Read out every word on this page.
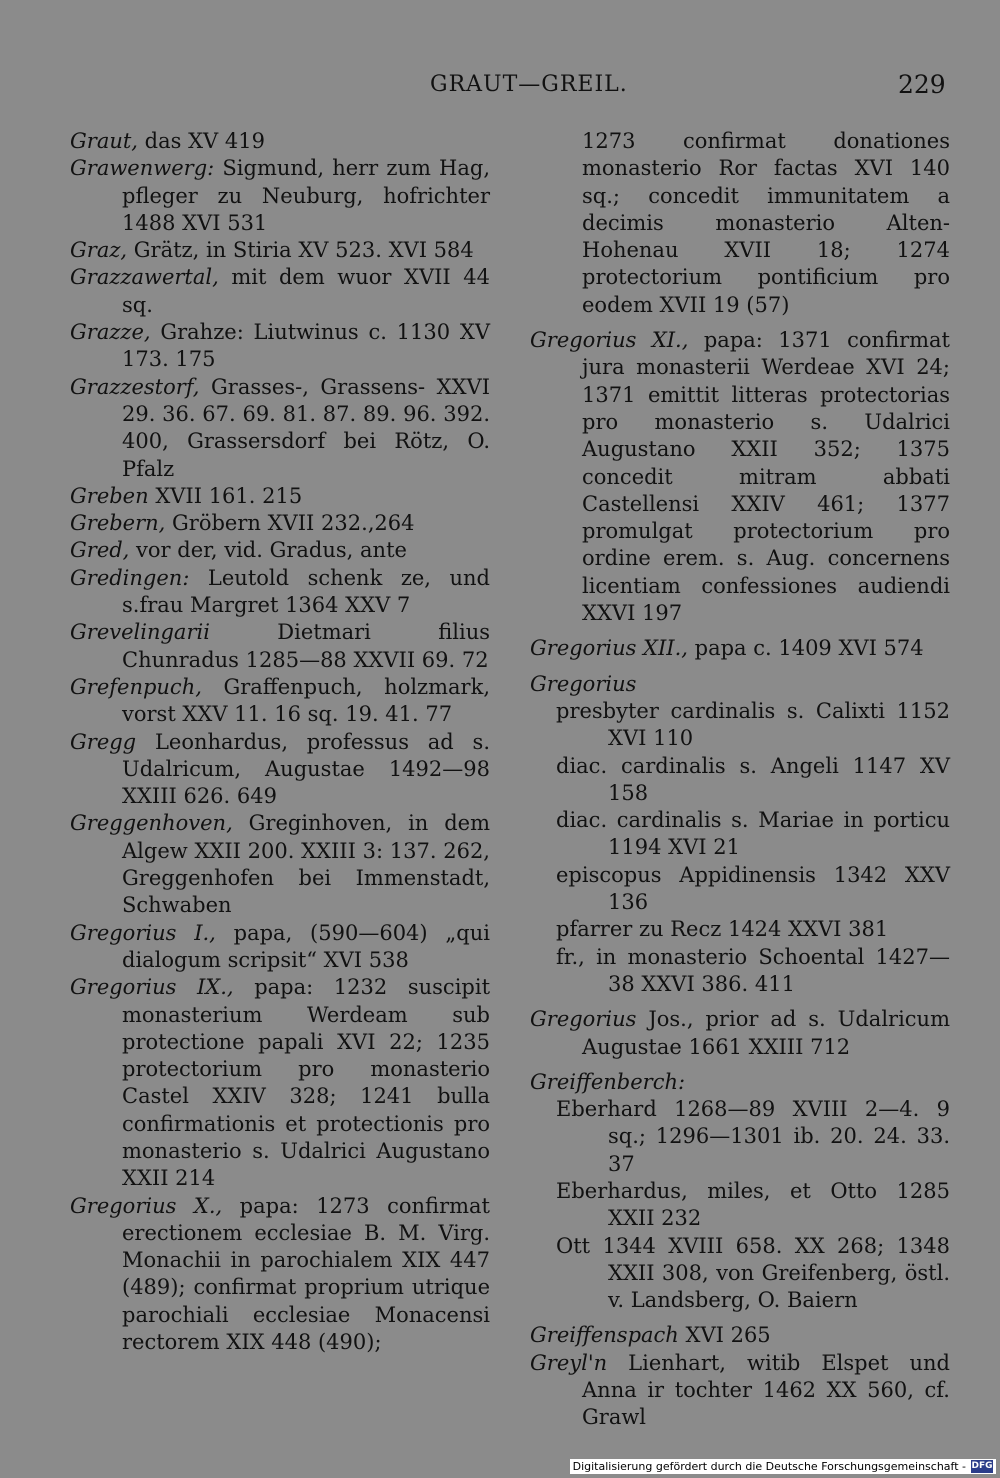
GRAUT—GREIL.	229
Graut, das XV 419
Grawenwerg: Sigmund, herr zum Hag, pfleger zu Neuburg, hofrichter 1488 XVI 531
Graz, Grätz, in Stiria XV 523. XVI 584
Grazzawertal, mit dem wuor XVII 44 sq.
Grazze, Grahze: Liutwinus c. 1130 XV 173. 175
Grazzestorf, Grasses-, Grassens- XXVI 29. 36. 67. 69. 81. 87. 89. 96. 392. 400, Grassersdorf bei Rötz, O. Pfalz
Greben XVII 161. 215
Grebern, Gröbern XVII 232.‚264
Gred, vor der, vid. Gradus, ante
Gredingen: Leutold schenk ze, und s.frau Margret 1364 XXV 7
Grevelingarii Dietmari filius Chunradus 1285—88 XXVII 69. 72
Grefenpuch, Graffenpuch, holzmark, vorst XXV 11. 16 sq. 19. 41. 77
Gregg Leonhardus, professus ad s. Udalricum, Augustae 1492—98 XXIII 626. 649
Greggenhoven, Greginhoven, in dem Algew XXII 200. XXIII 3: 137. 262, Greggenhofen bei Immenstadt, Schwaben
Gregorius I., papa, (590—604) „qui dialogum scripsit“ XVI 538
Gregorius IX., papa: 1232 suscipit monasterium Werdeam sub protectione papali XVI 22; 1235 protectorium pro monasterio Castel XXIV 328; 1241 bulla confirmationis et protectionis pro monasterio s. Udalrici Augustano XXII 214
Gregorius X., papa: 1273 confirmat erectionem ecclesiae B. M. Virg. Monachii in parochialem XIX 447 (489); confirmat proprium utrique parochiali ecclesiae Monacensi rectorem XIX 448 (490);
1273 confirmat donationes monasterio Ror factas XVI 140 sq.; concedit immunitatem a decimis monasterio Alten-Hohenau XVII 18; 1274 protectorium pontificium pro eodem XVII 19 (57)
Gregorius XI., papa: 1371 confirmat jura monasterii Werdeae XVI 24; 1371 emittit litteras protectorias pro monasterio s. Udalrici Augustano XXII 352; 1375 concedit mitram abbati Castellensi XXIV 461; 1377 promulgat protectorium pro ordine erem. s. Aug. concernens licentiam confessiones audiendi XXVI 197
Gregorius XII., papa c. 1409 XVI 574
Gregorius
presbyter cardinalis s. Calixti 1152 XVI 110
diac. cardinalis s. Angeli 1147 XV 158
diac. cardinalis s. Mariae in porticu 1194 XVI 21
episcopus Appidinensis 1342 XXV 136
pfarrer zu Recz 1424 XXVI 381
fr., in monasterio Schoental 1427—38 XXVI 386. 411
Gregorius Jos., prior ad s. Udalricum Augustae 1661 XXIII 712
Greiffenberch:
Eberhard 1268—89 XVIII 2—4. 9 sq.; 1296—1301 ib. 20. 24. 33. 37
Eberhardus, miles, et Otto 1285 XXII 232
Ott 1344 XVIII 658. XX 268; 1348 XXII 308, von Greifenberg, östl. v. Landsberg, O. Baiern
Greiffenspach XVI 265
Greyl'n Lienhart, witib Elspet und Anna ir tochter 1462 XX 560, cf. Grawl
Digitalisierung gefördert durch die Deutsche Forschungsgemeinschaft - DFG
